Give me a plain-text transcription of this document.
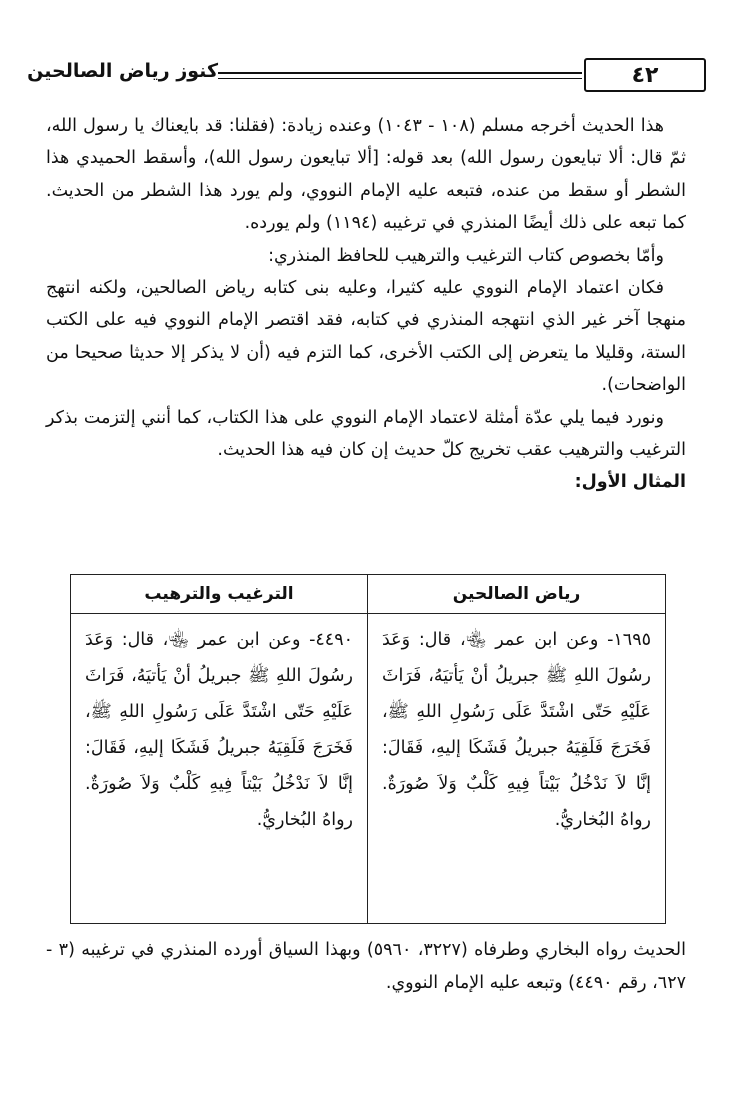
٤٢
كنوز رياض الصالحين

هذا الحديث أخرجه مسلم (١٠٨ - ١٠٤٣) وعنده زيادة: (فقلنا: قد بايعناك يا رسول الله، ثمّ قال: ألا تبايعون رسول الله) بعد قوله: [ألا تبايعون رسول الله)، وأسقط الحميدي هذا الشطر أو سقط من عنده، فتبعه عليه الإمام النووي، ولم يورد هذا الشطر من الحديث. كما تبعه على ذلك أيضًا المنذري في ترغيبه (١١٩٤) ولم يورده.

وأمّا بخصوص كتاب الترغيب والترهيب للحافظ المنذري:

فكان اعتماد الإمام النووي عليه كثيرا، وعليه بنى كتابه رياض الصالحين، ولكنه انتهج منهجا آخر غير الذي انتهجه المنذري في كتابه، فقد اقتصر الإمام النووي فيه على الكتب الستة، وقليلا ما يتعرض إلى الكتب الأخرى، كما التزم فيه (أن لا يذكر إلا حديثا صحيحا من الواضحات).

ونورد فيما يلي عدّة أمثلة لاعتماد الإمام النووي على هذا الكتاب، كما أنني إلتزمت بذكر الترغيب والترهيب عقب تخريج كلّ حديث إن كان فيه هذا الحديث.

المثال الأول:

رياض الصالحين
١٦٩٥- وعن ابن عمر ﵄، قال: وَعَدَ رسُولَ اللهِ ﷺ جبريلُ أنْ يَأتيَهُ، فَرَاثَ عَلَيْهِ حَتّى اشْتَدَّ عَلَى رَسُولِ اللهِ ﷺ، فَخَرَجَ فَلَقِيَهُ جبريلُ فَشَكَا إليهِ، فَقَالَ: إنَّا لاَ نَدْخُلُ بَيْتاً فِيهِ كَلْبٌ وَلاَ صُورَةٌ. رواهُ البُخاريُّ.
الترغيب والترهيب
٤٤٩٠- وعن ابن عمر ﵄، قال: وَعَدَ رسُولَ اللهِ ﷺ جبريلُ أنْ يَأتيَهُ، فَرَاثَ عَلَيْهِ حَتّى اشْتَدَّ عَلَى رَسُولِ اللهِ ﷺ، فَخَرَجَ فَلَقِيَهُ جبريلُ فَشَكَا إليهِ، فَقَالَ: إنَّا لاَ نَدْخُلُ بَيْتاً فِيهِ كَلْبٌ وَلاَ صُورَةٌ. رواهُ البُخاريُّ.

الحديث رواه البخاري وطرفاه (٣٢٢٧، ٥٩٦٠) وبهذا السياق أورده المنذري في ترغيبه (٣ - ٦٢٧، رقم ٤٤٩٠) وتبعه عليه الإمام النووي.
